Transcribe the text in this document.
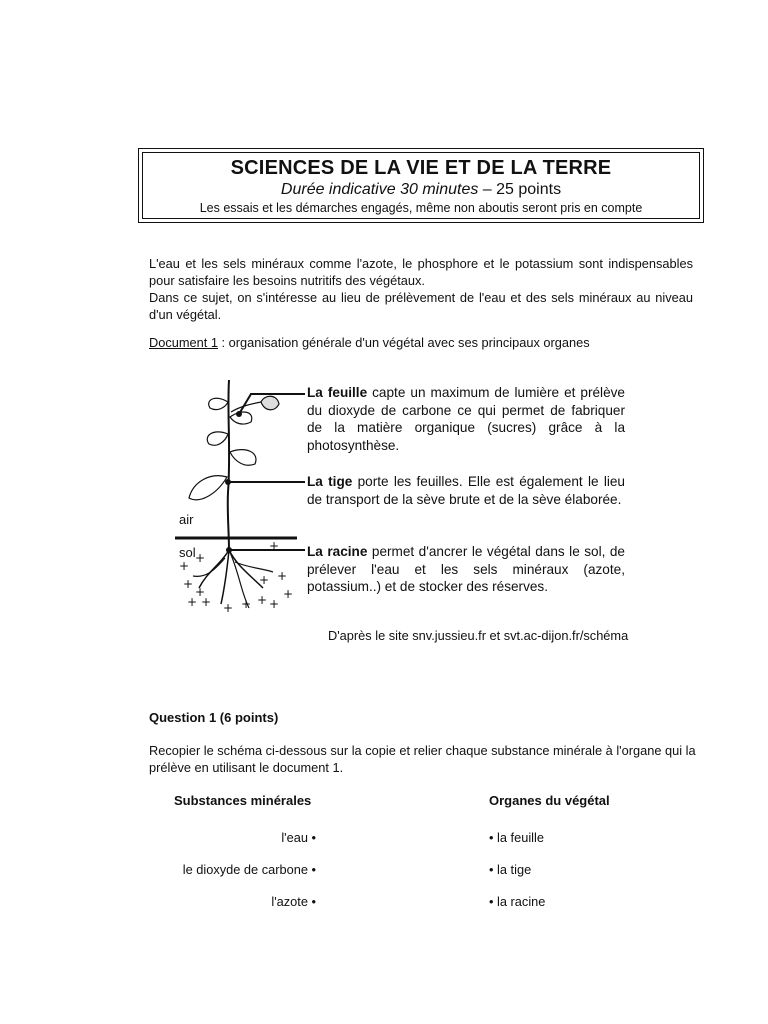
SCIENCES DE LA VIE ET DE LA TERRE
Durée indicative 30 minutes – 25 points
Les essais et les démarches engagés, même non aboutis seront pris en compte

L'eau et les sels minéraux comme l'azote, le phosphore et le potassium sont indispensables pour satisfaire les besoins nutritifs des végétaux.

Dans ce sujet, on s'intéresse au lieu de prélèvement de l'eau et des sels minéraux au niveau d'un végétal.

Document 1 : organisation générale d'un végétal avec ses principaux organes
+
+
+
+
+ + + + + +
+
+
+
+
air
sol
La feuille capte un maximum de lumière et prélève du dioxyde de carbone ce qui permet de fabriquer de la matière organique (sucres) grâce à la photosynthèse.
La tige porte les feuilles. Elle est également le lieu de transport de la sève brute et de la sève élaborée.
La racine permet d'ancrer le végétal dans le sol, de prélever l'eau et les sels minéraux (azote, potassium..) et de stocker des réserves.
D'après le site snv.jussieu.fr et svt.ac-dijon.fr/schéma
Question 1 (6 points)
Recopier le schéma ci-dessous sur la copie et relier chaque substance minérale à l'organe qui la prélève en utilisant le document 1.
Substances minérales	Organes du végétal
l'eau •
le dioxyde de carbone •
l'azote •
• la feuille
• la tige
• la racine
